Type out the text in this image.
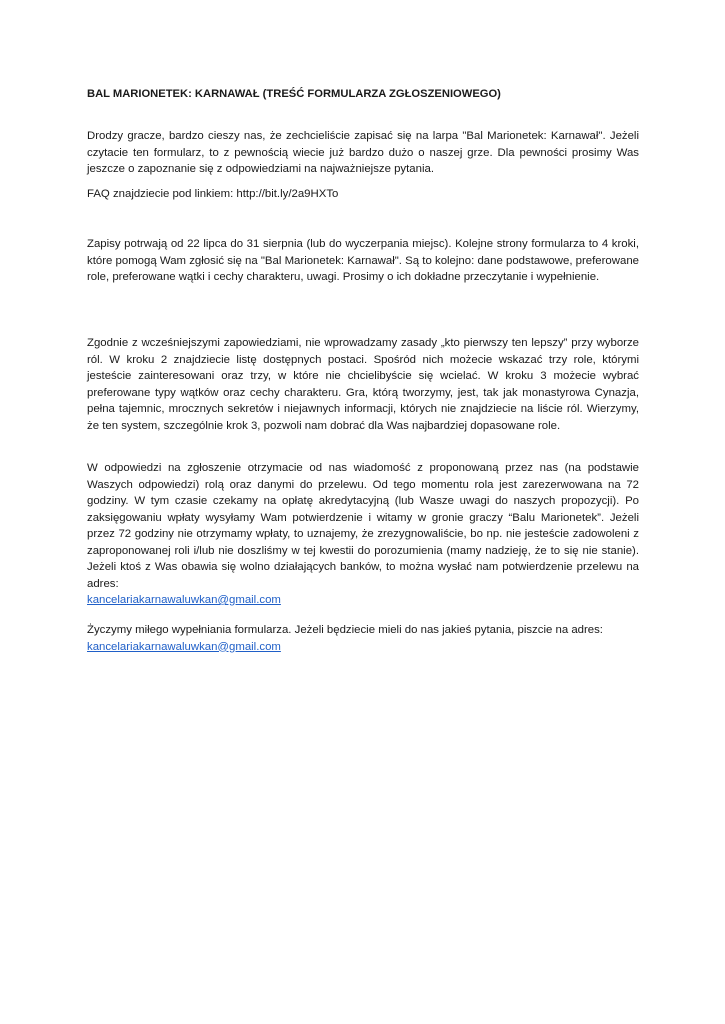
BAL MARIONETEK: KARNAWAŁ (TREŚĆ FORMULARZA ZGŁOSZENIOWEGO)

Drodzy gracze, bardzo cieszy nas, że zechcieliście zapisać się na larpa "Bal Marionetek: Karnawał". Jeżeli czytacie ten formularz, to z pewnością wiecie już bardzo dużo o naszej grze. Dla pewności prosimy Was jeszcze o zapoznanie się z odpowiedziami na najważniejsze pytania.

FAQ znajdziecie pod linkiem: http://bit.ly/2a9HXTo

Zapisy potrwają od 22 lipca do 31 sierpnia (lub do wyczerpania miejsc). Kolejne strony formularza to 4 kroki, które pomogą Wam zgłosić się na "Bal Marionetek: Karnawał". Są to kolejno: dane podstawowe, preferowane role, preferowane wątki i cechy charakteru, uwagi. Prosimy o ich dokładne przeczytanie i wypełnienie.

Zgodnie z wcześniejszymi zapowiedziami, nie wprowadzamy zasady „kto pierwszy ten lepszy” przy wyborze ról. W kroku 2 znajdziecie listę dostępnych postaci. Spośród nich możecie wskazać trzy role, którymi jesteście zainteresowani oraz trzy, w które nie chcielibyście się wcielać. W kroku 3 możecie wybrać preferowane typy wątków oraz cechy charakteru. Gra, którą tworzymy, jest, tak jak monastyrowa Cynazja, pełna tajemnic, mrocznych sekretów i niejawnych informacji, których nie znajdziecie na liście ról. Wierzymy, że ten system, szczególnie krok 3, pozwoli nam dobrać dla Was najbardziej dopasowane role.

W odpowiedzi na zgłoszenie otrzymacie od nas wiadomość z proponowaną przez nas (na podstawie Waszych odpowiedzi) rolą oraz danymi do przelewu. Od tego momentu rola jest zarezerwowana na 72 godziny. W tym czasie czekamy na opłatę akredytacyjną (lub Wasze uwagi do naszych propozycji). Po zaksięgowaniu wpłaty wysyłamy Wam potwierdzenie i witamy w gronie graczy “Balu Marionetek”. Jeżeli przez 72 godziny nie otrzymamy wpłaty, to uznajemy, że zrezygnowaliście, bo np. nie jesteście zadowoleni z zaproponowanej roli i/lub nie doszliśmy w tej kwestii do porozumienia (mamy nadzieję, że to się nie stanie). Jeżeli ktoś z Was obawia się wolno działających banków, to można wysłać nam potwierdzenie przelewu na adres:
kancelariakarnawaluwkan@gmail.com
Życzymy miłego wypełniania formularza. Jeżeli będziecie mieli do nas jakieś pytania, piszcie na adres:
kancelariakarnawaluwkan@gmail.com
